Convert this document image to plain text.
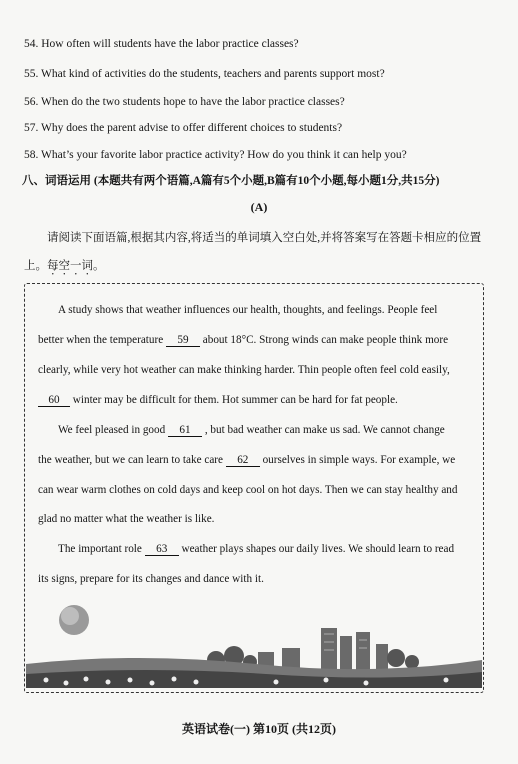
54. How often will students have the labor practice classes?
55. What kind of activities do the students, teachers and parents support most?
56. When do the two students hope to have the labor practice classes?
57. Why does the parent advise to offer different choices to students?
58. What’s your favorite labor practice activity? How do you think it can help you?
八、词语运用 (本题共有两个语篇,A篇有5个小题,B篇有10个小题,每小题1分,共15分)
(A)
请阅读下面语篇,根据其内容,将适当的单词填入空白处,并将答案写在答题卡相应的位置上。每空一词。
A study shows that weather influences our health, thoughts, and feelings. People feel
better when the temperature 59 about 18°C. Strong winds can make people think more
clearly, while very hot weather can make thinking harder. Thin people often feel cold easily,
60 winter may be difficult for them. Hot summer can be hard for fat people.
We feel pleased in good 61 , but bad weather can make us sad. We cannot change
the weather, but we can learn to take care 62 ourselves in simple ways. For example, we
can wear warm clothes on cold days and keep cool on hot days. Then we can stay healthy and
glad no matter what the weather is like.
The important role 63 weather plays shapes our daily lives. We should learn to read
its signs, prepare for its changes and dance with it.
英语试卷(一) 第10页 (共12页)
